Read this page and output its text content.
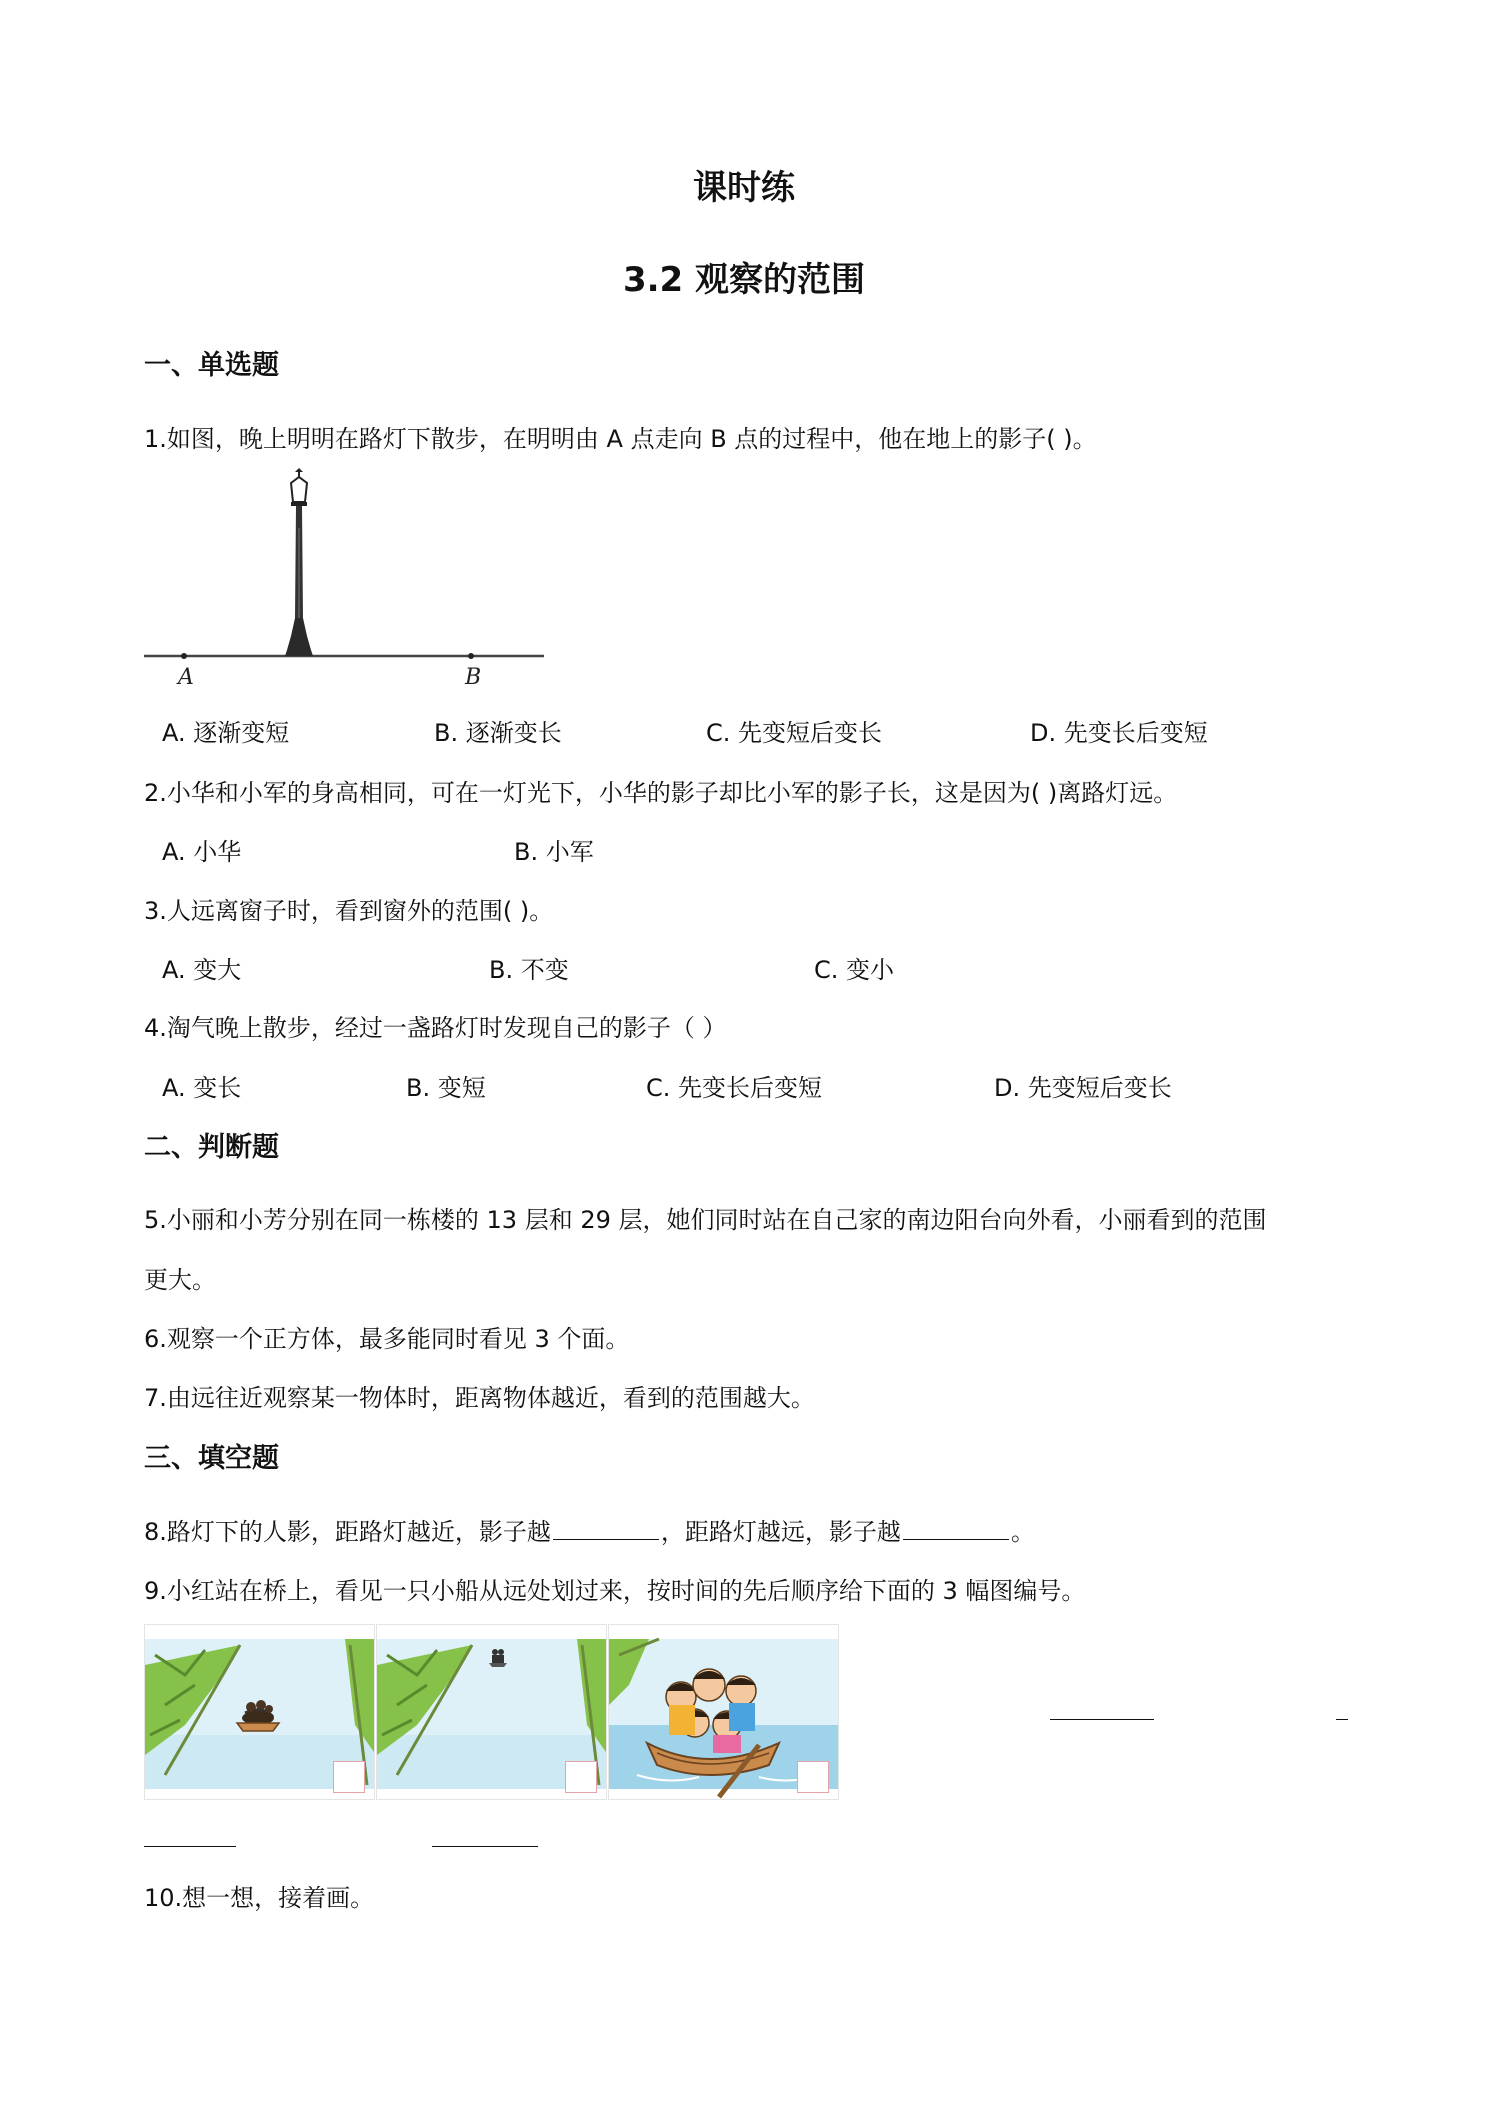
课时练
3.2 观察的范围
一、单选题
1.如图，晚上明明在路灯下散步，在明明由 A 点走向 B 点的过程中，他在地上的影子( )。
A	B
A. 逐渐变短	B. 逐渐变长	C. 先变短后变长	D. 先变长后变短
2.小华和小军的身高相同，可在一灯光下，小华的影子却比小军的影子长，这是因为( )离路灯远。
A. 小华	B. 小军
3.人远离窗子时，看到窗外的范围( )。
A. 变大	B. 不变	C. 变小
4.淘气晚上散步，经过一盏路灯时发现自己的影子（ ）
A. 变长	B. 变短	C. 先变长后变短	D. 先变短后变长
二、判断题
5.小丽和小芳分别在同一栋楼的 13 层和 29 层，她们同时站在自己家的南边阳台向外看，小丽看到的范围
更大。
6.观察一个正方体，最多能同时看见 3 个面。
7.由远往近观察某一物体时，距离物体越近，看到的范围越大。
三、填空题
8.路灯下的人影，距路灯越近，影子越	，距路灯越远，影子越	。
9.小红站在桥上，看见一只小船从远处划过来，按时间的先后顺序给下面的 3 幅图编号。
10.想一想，接着画。
